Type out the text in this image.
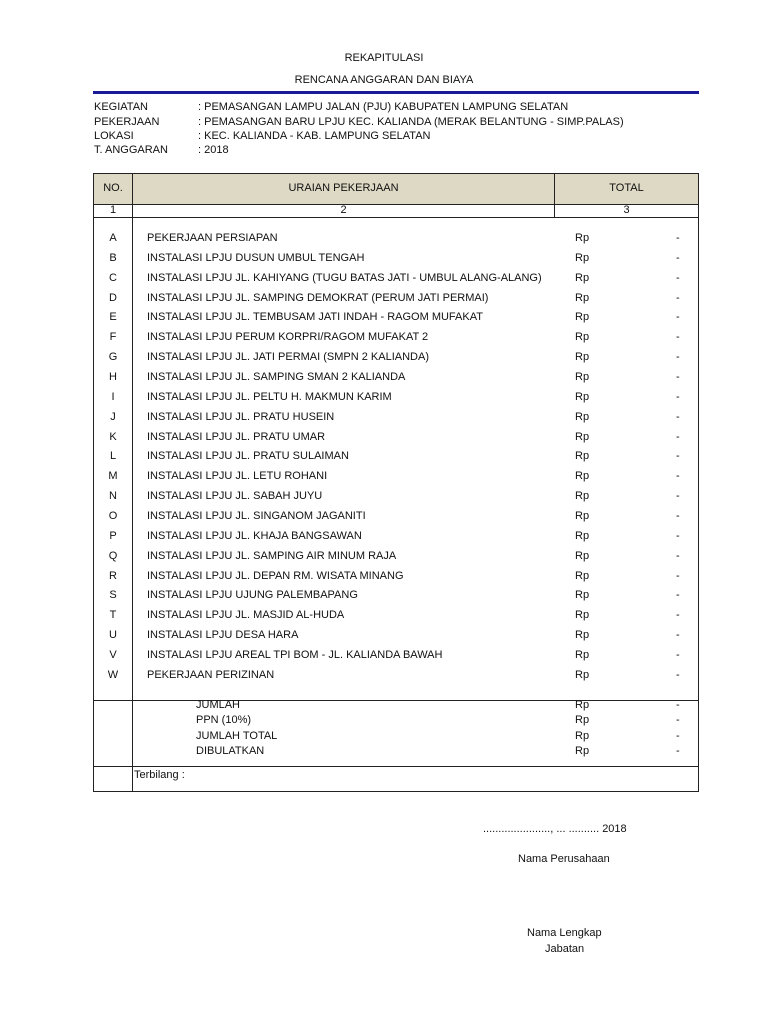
REKAPITULASI
RENCANA ANGGARAN DAN BIAYA
KEGIATAN	: PEMASANGAN LAMPU JALAN (PJU) KABUPATEN LAMPUNG SELATAN
PEKERJAAN	: PEMASANGAN BARU LPJU KEC. KALIANDA (MERAK BELANTUNG - SIMP.PALAS)
LOKASI	: KEC. KALIANDA - KAB. LAMPUNG SELATAN
T. ANGGARAN	: 2018
NO.	URAIAN PEKERJAAN	TOTAL
1	2	3
A	PEKERJAAN PERSIAPAN	Rp	-
B	INSTALASI LPJU DUSUN UMBUL TENGAH	Rp	-
C	INSTALASI LPJU JL. KAHIYANG (TUGU BATAS JATI - UMBUL ALANG-ALANG)	Rp	-
D	INSTALASI LPJU JL. SAMPING DEMOKRAT (PERUM JATI PERMAI)	Rp	-
E	INSTALASI LPJU JL. TEMBUSAM JATI INDAH - RAGOM MUFAKAT	Rp	-
F	INSTALASI LPJU PERUM KORPRI/RAGOM MUFAKAT 2	Rp	-
G	INSTALASI LPJU JL. JATI PERMAI (SMPN 2 KALIANDA)	Rp	-
H	INSTALASI LPJU JL. SAMPING SMAN 2 KALIANDA	Rp	-
I	INSTALASI LPJU JL. PELTU H. MAKMUN KARIM	Rp	-
J	INSTALASI LPJU JL. PRATU HUSEIN	Rp	-
K	INSTALASI LPJU JL. PRATU UMAR	Rp	-
L	INSTALASI LPJU JL. PRATU SULAIMAN	Rp	-
M	INSTALASI LPJU JL. LETU ROHANI	Rp	-
N	INSTALASI LPJU JL. SABAH JUYU	Rp	-
O	INSTALASI LPJU JL. SINGANOM JAGANITI	Rp	-
P	INSTALASI LPJU JL. KHAJA BANGSAWAN	Rp	-
Q	INSTALASI LPJU JL. SAMPING AIR MINUM RAJA	Rp	-
R	INSTALASI LPJU JL. DEPAN RM. WISATA MINANG	Rp	-
S	INSTALASI LPJU UJUNG PALEMBAPANG	Rp	-
T	INSTALASI LPJU JL. MASJID AL-HUDA	Rp	-
U	INSTALASI LPJU DESA HARA	Rp	-
V	INSTALASI LPJU AREAL TPI BOM - JL. KALIANDA BAWAH	Rp	-
W	PEKERJAAN PERIZINAN	Rp	-
JUMLAH	Rp	-
PPN (10%)	Rp	-
JUMLAH TOTAL	Rp	-
DIBULATKAN	Rp	-
Terbilang :
......................, ... .......... 2018
Nama Perusahaan
Nama Lengkap
Jabatan
